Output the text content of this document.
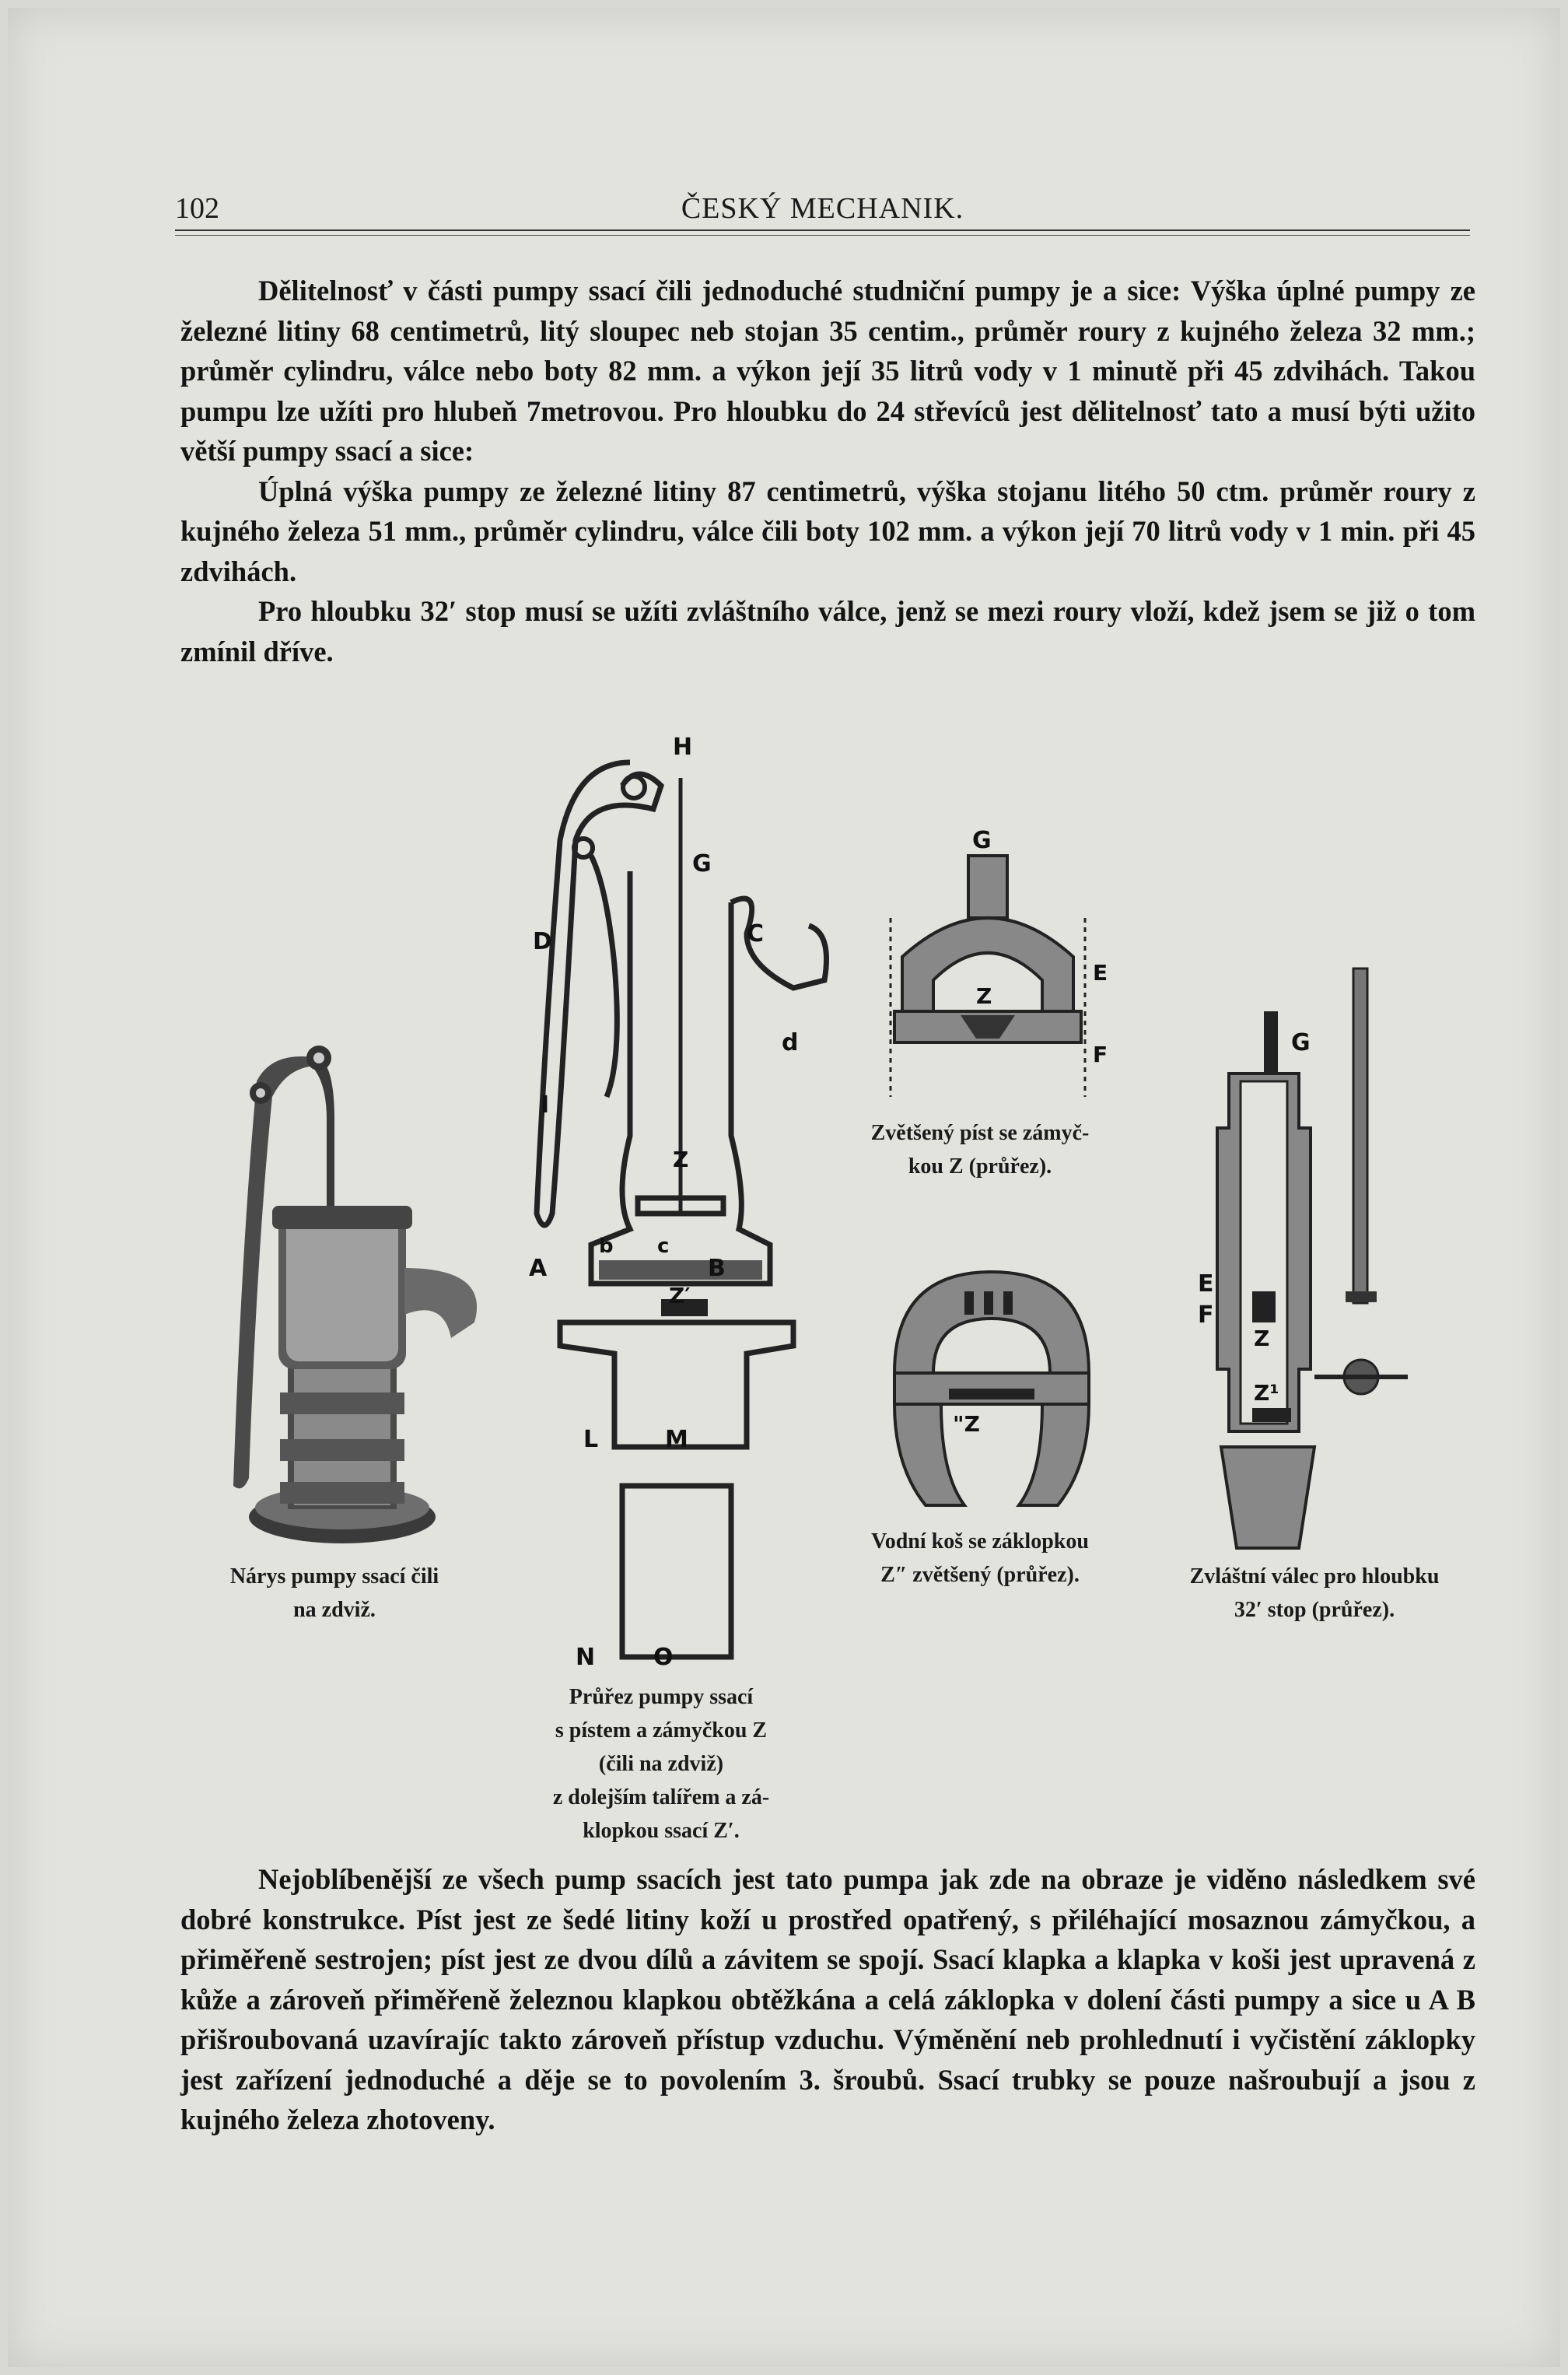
102	ČESKÝ MECHANIK.

Dělitelnosť v části pumpy ssací čili jednoduché studniční pumpy je a sice: Výška úplné pumpy ze železné litiny 68 centimetrů, litý sloupec neb stojan 35 centim., průměr roury z kujného železa 32 mm.; průměr cylindru, válce nebo boty 82 mm. a výkon její 35 litrů vody v 1 minutě při 45 zdvihách. Takou pumpu lze užíti pro hlubeň 7metrovou. Pro hloubku do 24 střevíců jest dělitelnosť tato a musí býti užito větší pumpy ssací a sice:

Úplná výška pumpy ze železné litiny 87 centimetrů, výška stojanu litého 50 ctm. průměr roury z kujného železa 51 mm., průměr cylindru, válce čili boty 102 mm. a výkon její 70 litrů vody v 1 min. při 45 zdvihách.

Pro hloubku 32′ stop musí se užíti zvláštního válce, jenž se mezi roury vloží, kdež jsem se již o tom zmínil dříve.

Nárys pumpy ssací čili
na zdviž.
H
G
C
D
d
I
Z
A
b c
B
Z′
L	M
N O
Průřez pumpy ssací
s pístem a zámyčkou Z
(čili na zdviž)
z dolejším talířem a zá-
klopkou ssací Z′.
G
Z
E
F
Zvětšený píst se zámyč-
kou Z (průřez).
"Z
Vodní koš se záklopkou
Z″ zvětšený (průřez).
G
E
F
Z
Z¹
Zvláštní válec pro hloubku
32′ stop (průřez).

Nejoblíbenější ze všech pump ssacích jest tato pumpa jak zde na obraze je viděno následkem své dobré konstrukce. Píst jest ze šedé litiny koží u prostřed opatřený, s přiléhající mosaznou zámyčkou, a přiměřeně sestrojen; píst jest ze dvou dílů a závitem se spojí. Ssací klapka a klapka v koši jest upravená z kůže a zároveň přiměřeně železnou klapkou obtěžkána a celá záklopka v dolení části pumpy a sice u A B přišroubovaná uzavírajíc takto zároveň přístup vzduchu. Výměnění neb prohlednutí i vyčistění záklopky jest zařízení jednoduché a děje se to povolením 3. šroubů. Ssací trubky se pouze našroubují a jsou z kujného železa zhotoveny.
